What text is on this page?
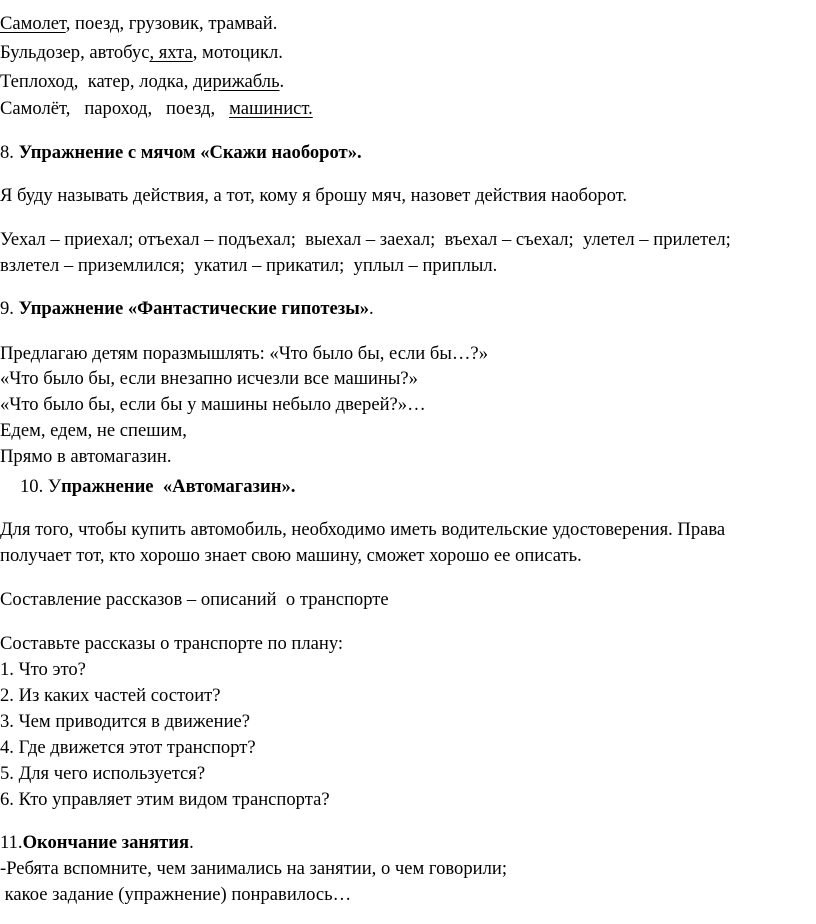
Самолет, поезд, грузовик, трамвай.
Бульдозер, автобус, яхта, мотоцикл.
Теплоход,  катер, лодка, дирижабль.
Самолёт,   пароход,   поезд,   машинист.
8. Упражнение с мячом «Скажи наоборот».
Я буду называть действия, а тот, кому я брошу мяч, назовет действия наоборот.
Уехал – приехал; отъехал – подъехал;  выехал – заехал;  въехал – съехал;  улетел – прилетел;
взлетел – приземлился;  укатил – прикатил;  уплыл – приплыл.
9. Упражнение «Фантастические гипотезы».
Предлагаю детям поразмышлять: «Что было бы, если бы…?»
«Что было бы, если внезапно исчезли все машины?»
«Что было бы, если бы у машины небыло дверей?»…
Едем, едем, не спешим,
Прямо в автомагазин.
10. Упражнение  «Автомагазин».
Для того, чтобы купить автомобиль, необходимо иметь водительские удостоверения. Права
получает тот, кто хорошо знает свою машину, сможет хорошо ее описать.
Составление рассказов – описаний  о транспорте
Составьте рассказы о транспорте по плану:
1. Что это?
2. Из каких частей состоит?
3. Чем приводится в движение?
4. Где движется этот транспорт?
5. Для чего используется?
6. Кто управляет этим видом транспорта?
11.Окончание занятия.
-Ребята вспомните, чем занимались на занятии, о чем говорили;
какое задание (упражнение) понравилось…
